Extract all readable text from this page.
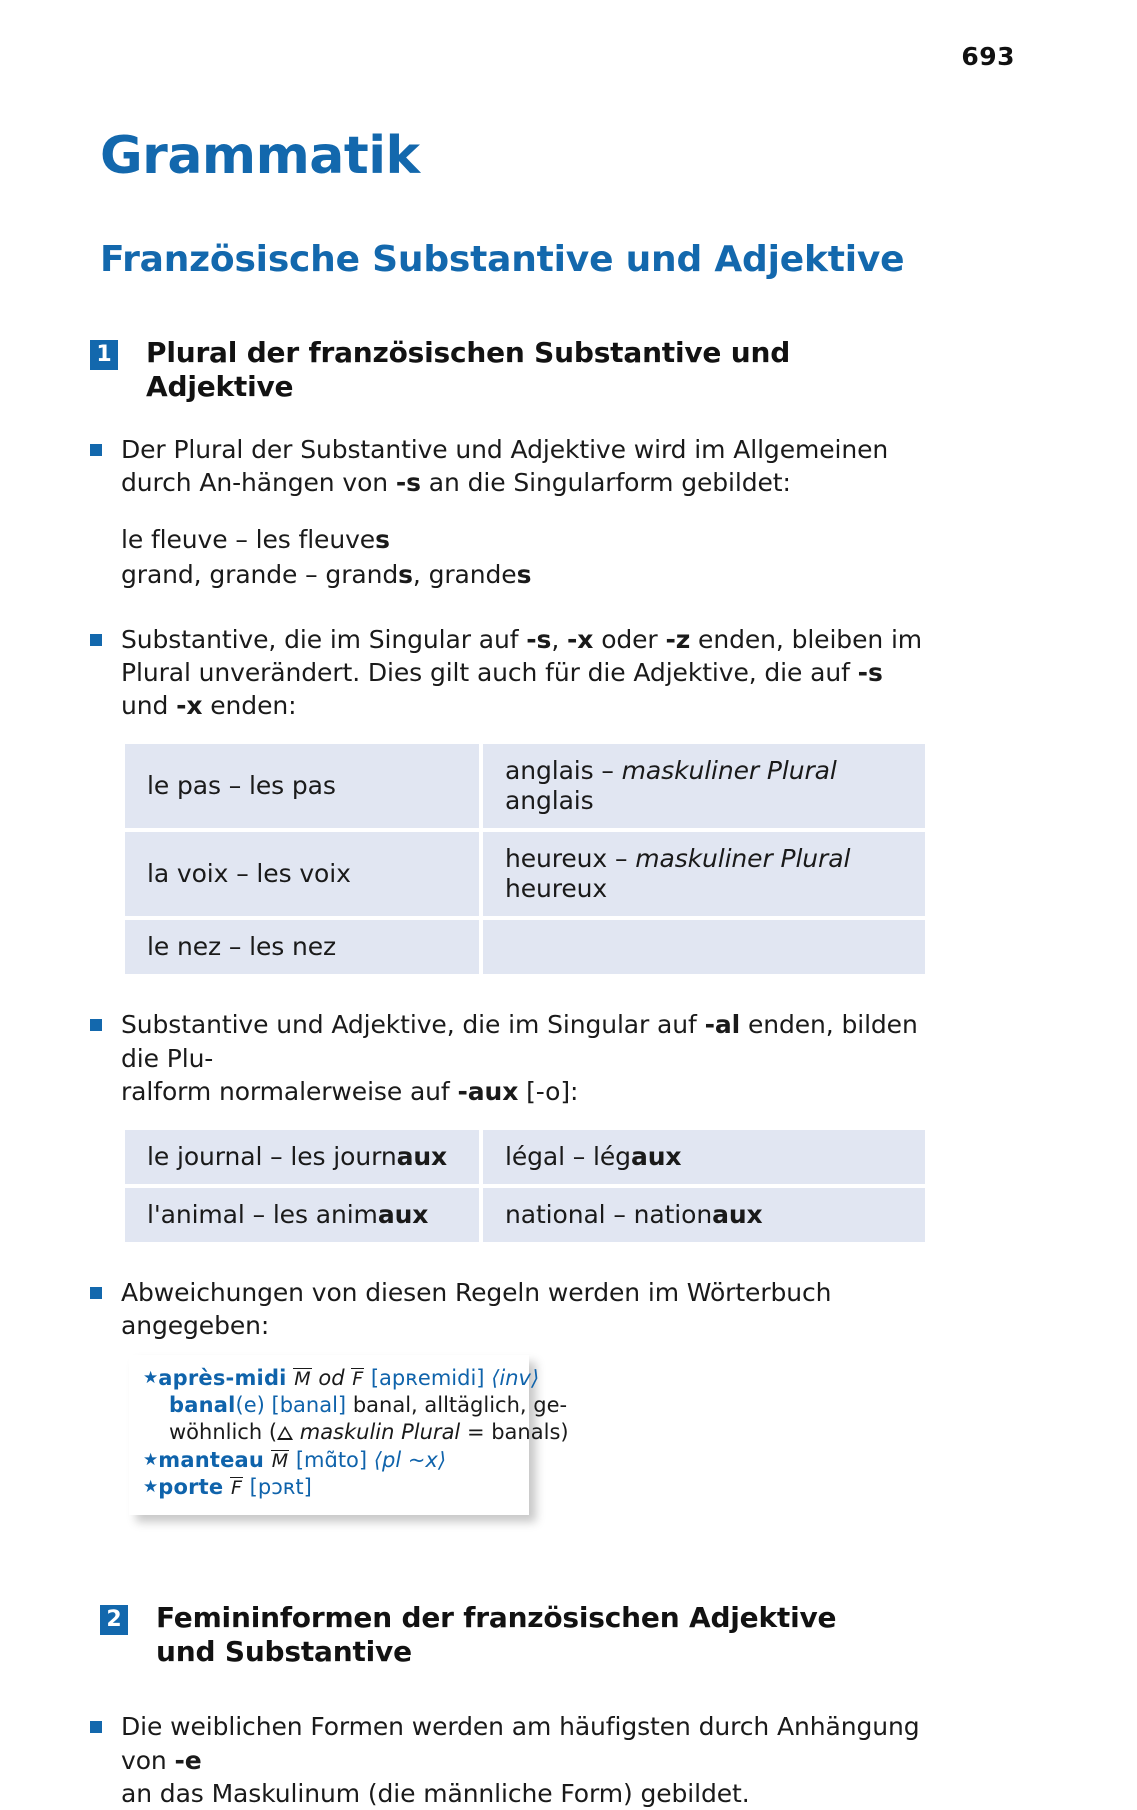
693
Grammatik
Französische Substantive und Adjektive
1 Plural der französischen Substantive und Adjektive
Der Plural der Substantive und Adjektive wird im Allgemeinen durch An-hängen von -s an die Singularform gebildet:
le fleuve – les fleuves
grand, grande – grands, grandes
Substantive, die im Singular auf -s, -x oder -z enden, bleiben im Plural unverändert. Dies gilt auch für die Adjektive, die auf -s und -x enden:
le pas – les pas	anglais – maskuliner Plural anglais
la voix – les voix	heureux – maskuliner Plural heureux
le nez – les nez	
Substantive und Adjektive, die im Singular auf -al enden, bilden die Plu-
ralform normalerweise auf -aux [-o]:
le journal – les journaux	légal – légaux
l'animal – les animaux	national – nationaux
Abweichungen von diesen Regeln werden im Wörterbuch angegeben:
★après-midi M od F [apʀemidi] ⟨inv⟩
banal(e) [banal] banal, alltäglich, ge-
wöhnlich ( maskulin Plural = banals)
★manteau M [mɑ̃to] ⟨pl ~x⟩
★porte F [pɔʀt]
2 Femininformen der französischen Adjektive
und Substantive
Die weiblichen Formen werden am häufigsten durch Anhängung von -e
an das Maskulinum (die männliche Form) gebildet.
